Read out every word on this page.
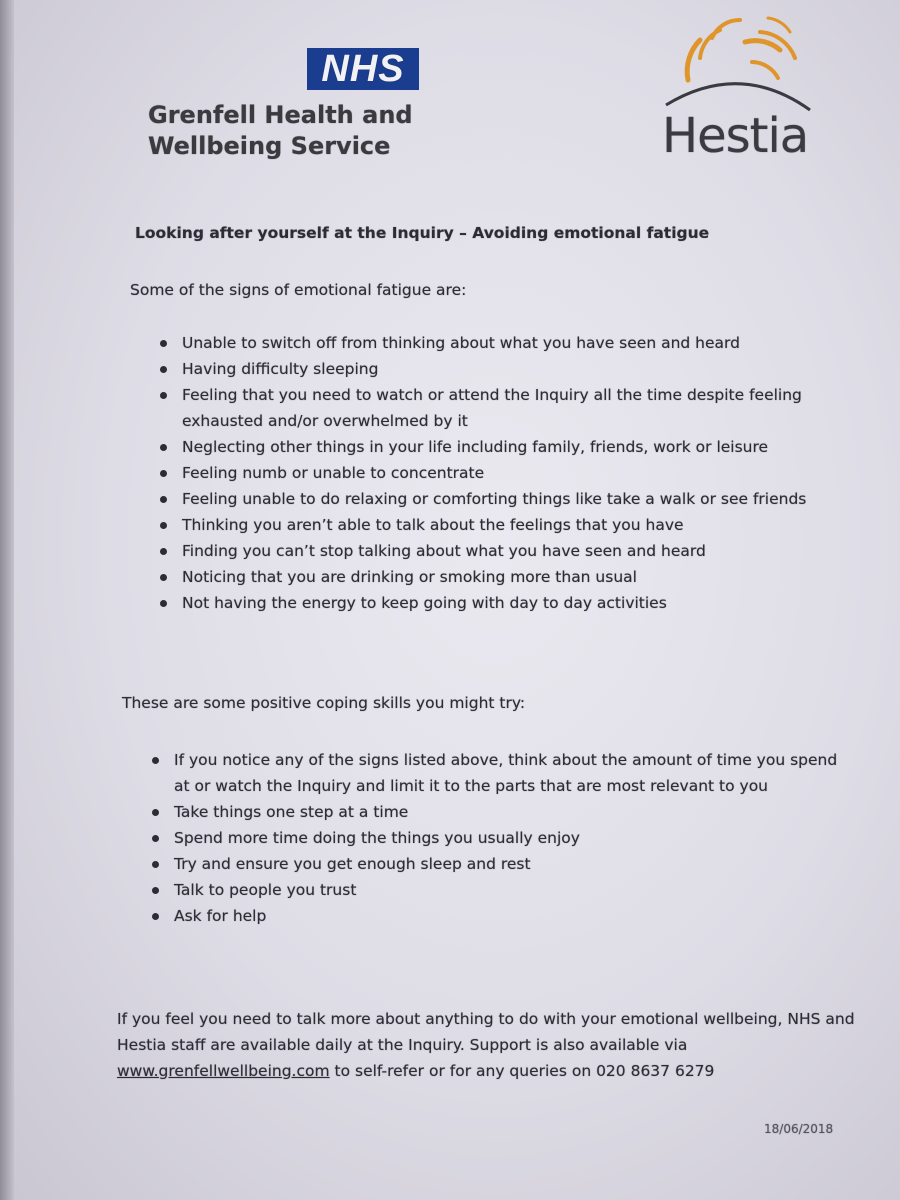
NHS
Grenfell Health and
Wellbeing Service	Hestia
Looking after yourself at the Inquiry – Avoiding emotional fatigue
Some of the signs of emotional fatigue are:
Unable to switch off from thinking about what you have seen and heard
Having difficulty sleeping
Feeling that you need to watch or attend the Inquiry all the time despite feeling exhausted and/or overwhelmed by it
Neglecting other things in your life including family, friends, work or leisure
Feeling numb or unable to concentrate
Feeling unable to do relaxing or comforting things like take a walk or see friends
Thinking you aren’t able to talk about the feelings that you have
Finding you can’t stop talking about what you have seen and heard
Noticing that you are drinking or smoking more than usual
Not having the energy to keep going with day to day activities
These are some positive coping skills you might try:
If you notice any of the signs listed above, think about the amount of time you spend at or watch the Inquiry and limit it to the parts that are most relevant to you
Take things one step at a time
Spend more time doing the things you usually enjoy
Try and ensure you get enough sleep and rest
Talk to people you trust
Ask for help

If you feel you need to talk more about anything to do with your emotional wellbeing, NHS and Hestia staff are available daily at the Inquiry. Support is also available via www.grenfellwellbeing.com to self-refer or for any queries on 020 8637 6279

18/06/2018
